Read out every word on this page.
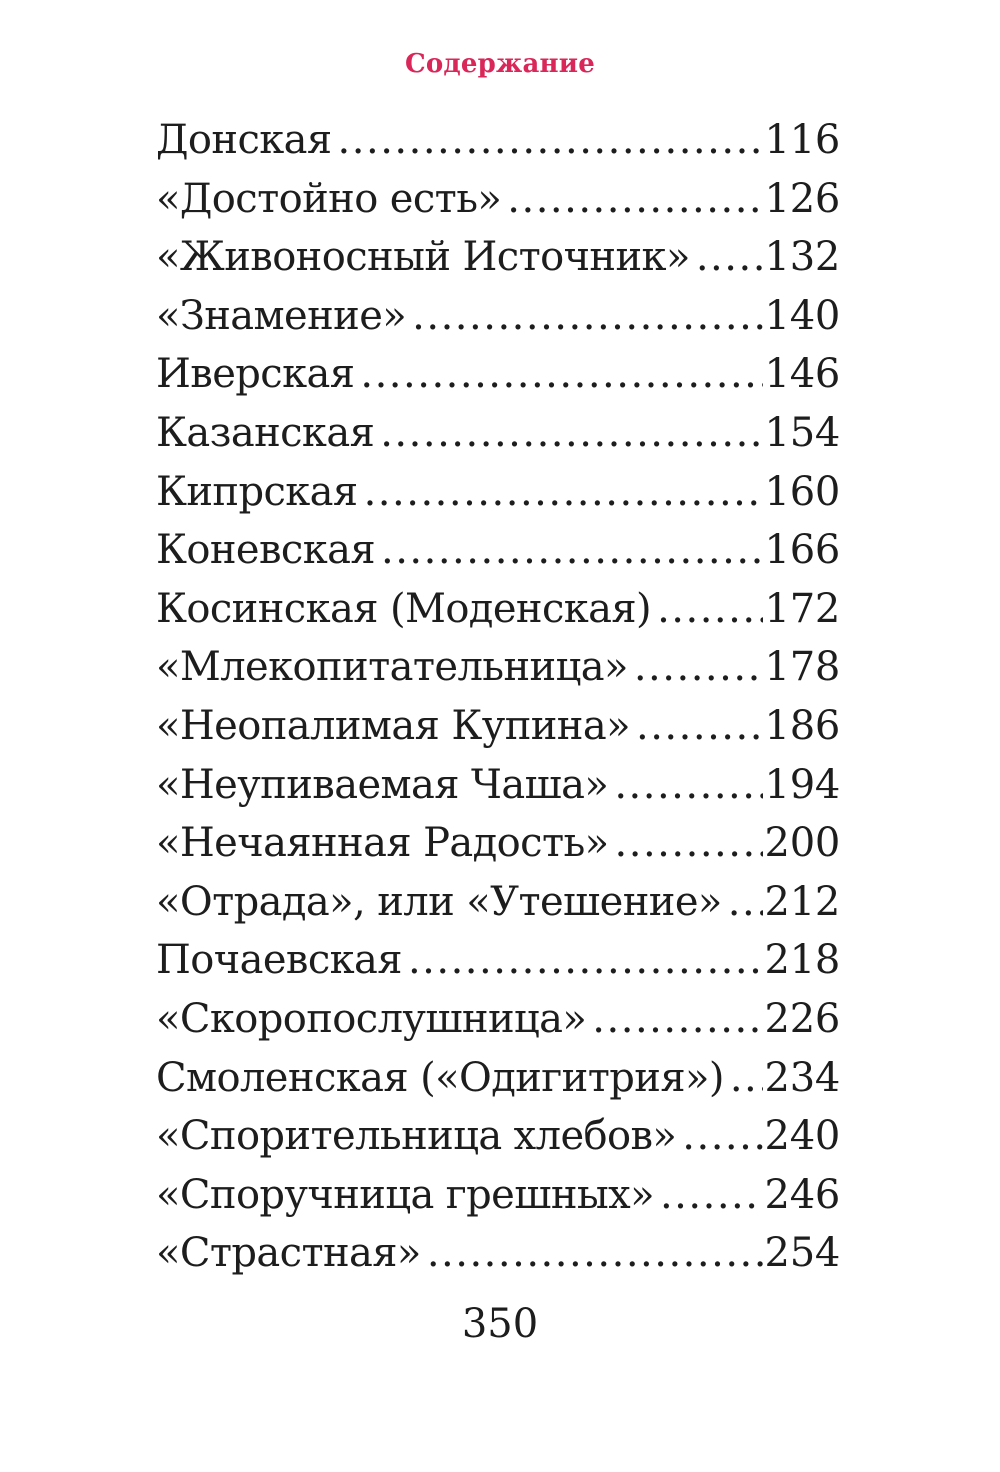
Содержание
Донская .....	116
«Достойно есть» .....	126
«Живоносный Источник» ..... 132
«Знамение» .....	140
Иверская .....	146
Казанская .....	154
Кипрская .....	160
Коневская .....	166
Косинская (Моденская) .....	172
«Млекопитательница» .....	178
«Неопалимая Купина» .....	186
«Неупиваемая Чаша» .....	194
«Нечаянная Радость» .....	200
«Отрада», или «Утешение» ..... 212
Почаевская .....	218
«Скоропослушница» .....	226
Смоленская («Одигитрия») ..... 234
«Спорительница хлебов» ..... 240
«Споручница грешных» .....	246
«Страстная» .....	254
350
